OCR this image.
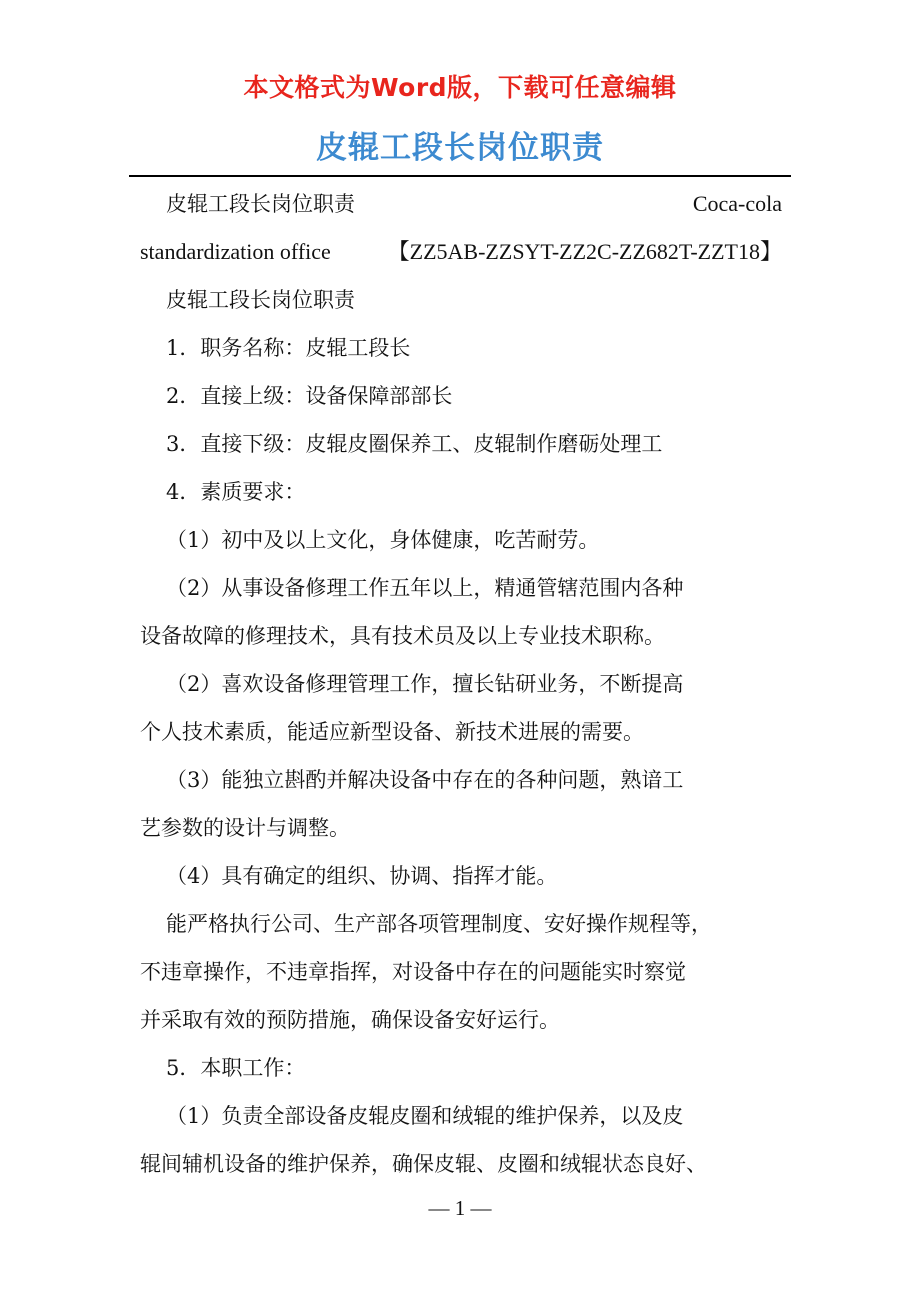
本文格式为Word版，下载可任意编辑
皮辊工段长岗位职责
皮辊工段长岗位职责	Coca-cola
standardization office	【ZZ5AB-ZZSYT-ZZ2C-ZZ682T-ZZT18】
皮辊工段长岗位职责
1．职务名称：皮辊工段长
2．直接上级：设备保障部部长
3．直接下级：皮辊皮圈保养工、皮辊制作磨砺处理工
4．素质要求：
（1）初中及以上文化，身体健康，吃苦耐劳。
（2）从事设备修理工作五年以上，精通管辖范围内各种
设备故障的修理技术，具有技术员及以上专业技术职称。
（2）喜欢设备修理管理工作，擅长钻研业务，不断提高
个人技术素质，能适应新型设备、新技术进展的需要。
（3）能独立斟酌并解决设备中存在的各种问题，熟谙工
艺参数的设计与调整。
（4）具有确定的组织、协调、指挥才能。
能严格执行公司、生产部各项管理制度、安好操作规程等，
不违章操作，不违章指挥，对设备中存在的问题能实时察觉
并采取有效的预防措施，确保设备安好运行。
5．本职工作：
（1）负责全部设备皮辊皮圈和绒辊的维护保养，以及皮
辊间辅机设备的维护保养，确保皮辊、皮圈和绒辊状态良好、
— 1 —
